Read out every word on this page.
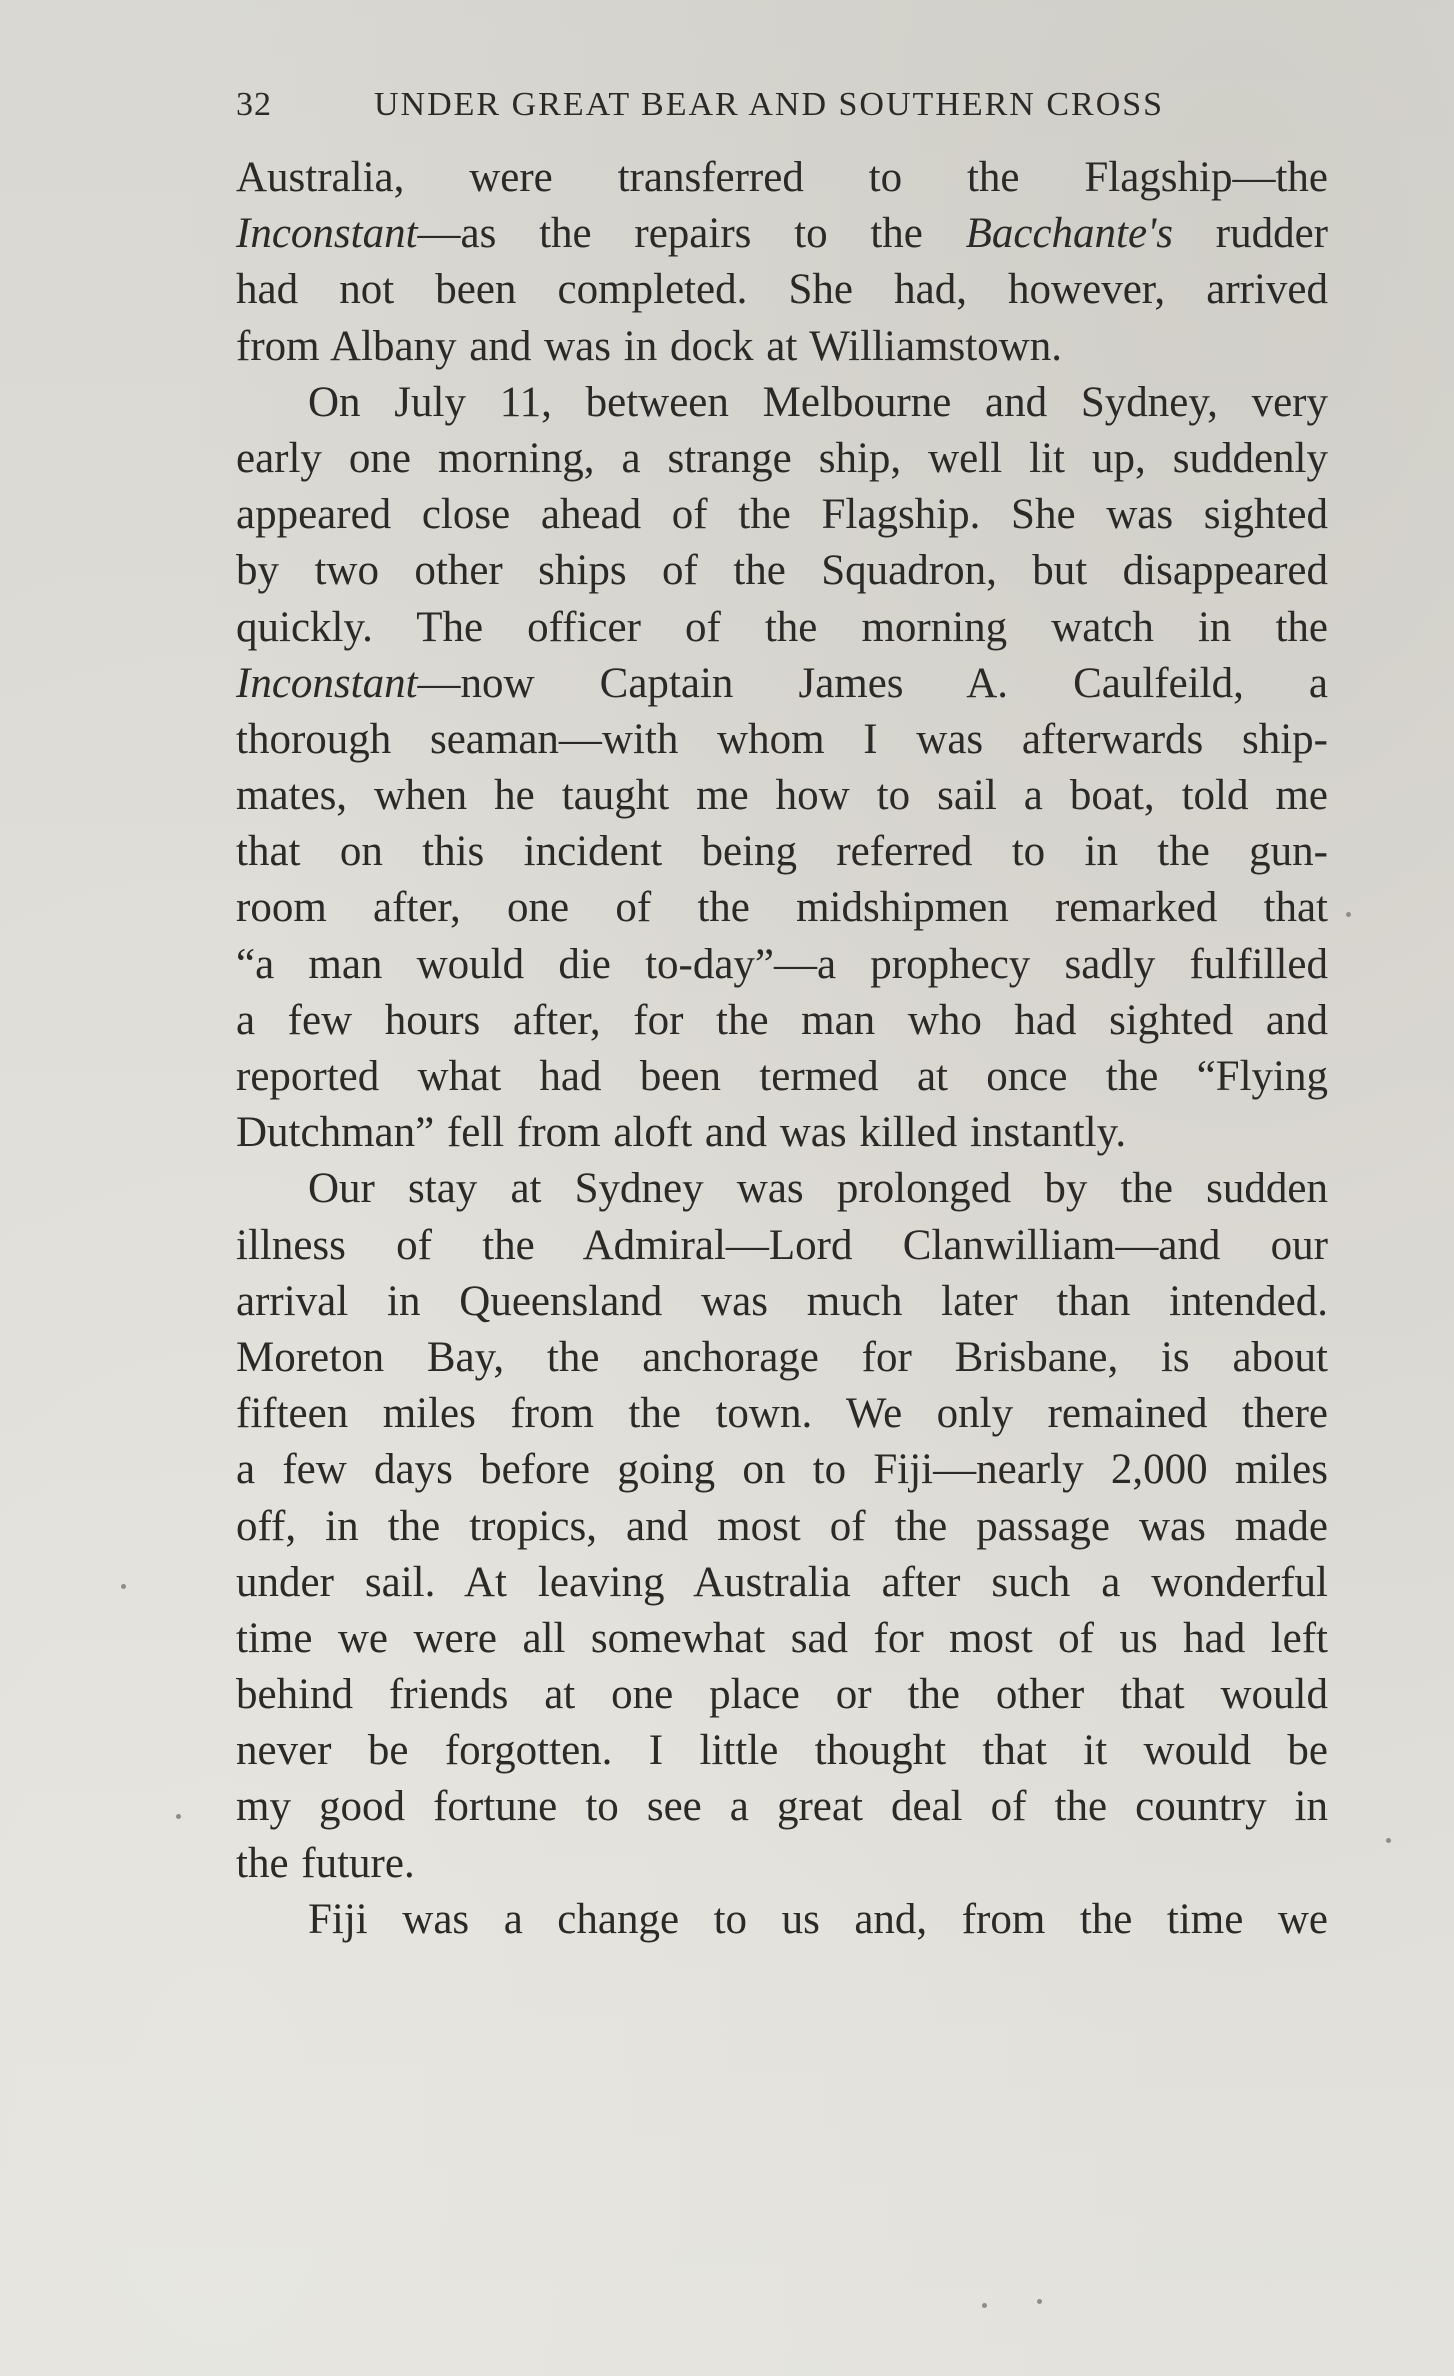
32	UNDER GREAT BEAR AND SOUTHERN CROSS
Australia, were transferred to the Flagship—the
Inconstant—as the repairs to the Bacchante's rudder
had not been completed. She had, however, arrived
from Albany and was in dock at Williamstown.
On July 11, between Melbourne and Sydney, very
early one morning, a strange ship, well lit up, suddenly
appeared close ahead of the Flagship. She was sighted
by two other ships of the Squadron, but disappeared
quickly. The officer of the morning watch in the
Inconstant—now Captain James A. Caulfeild, a
thorough seaman—with whom I was afterwards ship-
mates, when he taught me how to sail a boat, told me
that on this incident being referred to in the gun-
room after, one of the midshipmen remarked that
“a man would die to-day”—a prophecy sadly fulfilled
a few hours after, for the man who had sighted and
reported what had been termed at once the “Flying
Dutchman” fell from aloft and was killed instantly.
Our stay at Sydney was prolonged by the sudden
illness of the Admiral—Lord Clanwilliam—and our
arrival in Queensland was much later than intended.
Moreton Bay, the anchorage for Brisbane, is about
fifteen miles from the town. We only remained there
a few days before going on to Fiji—nearly 2,000 miles
off, in the tropics, and most of the passage was made
under sail. At leaving Australia after such a wonderful
time we were all somewhat sad for most of us had left
behind friends at one place or the other that would
never be forgotten. I little thought that it would be
my good fortune to see a great deal of the country in
the future.
Fiji was a change to us and, from the time we
